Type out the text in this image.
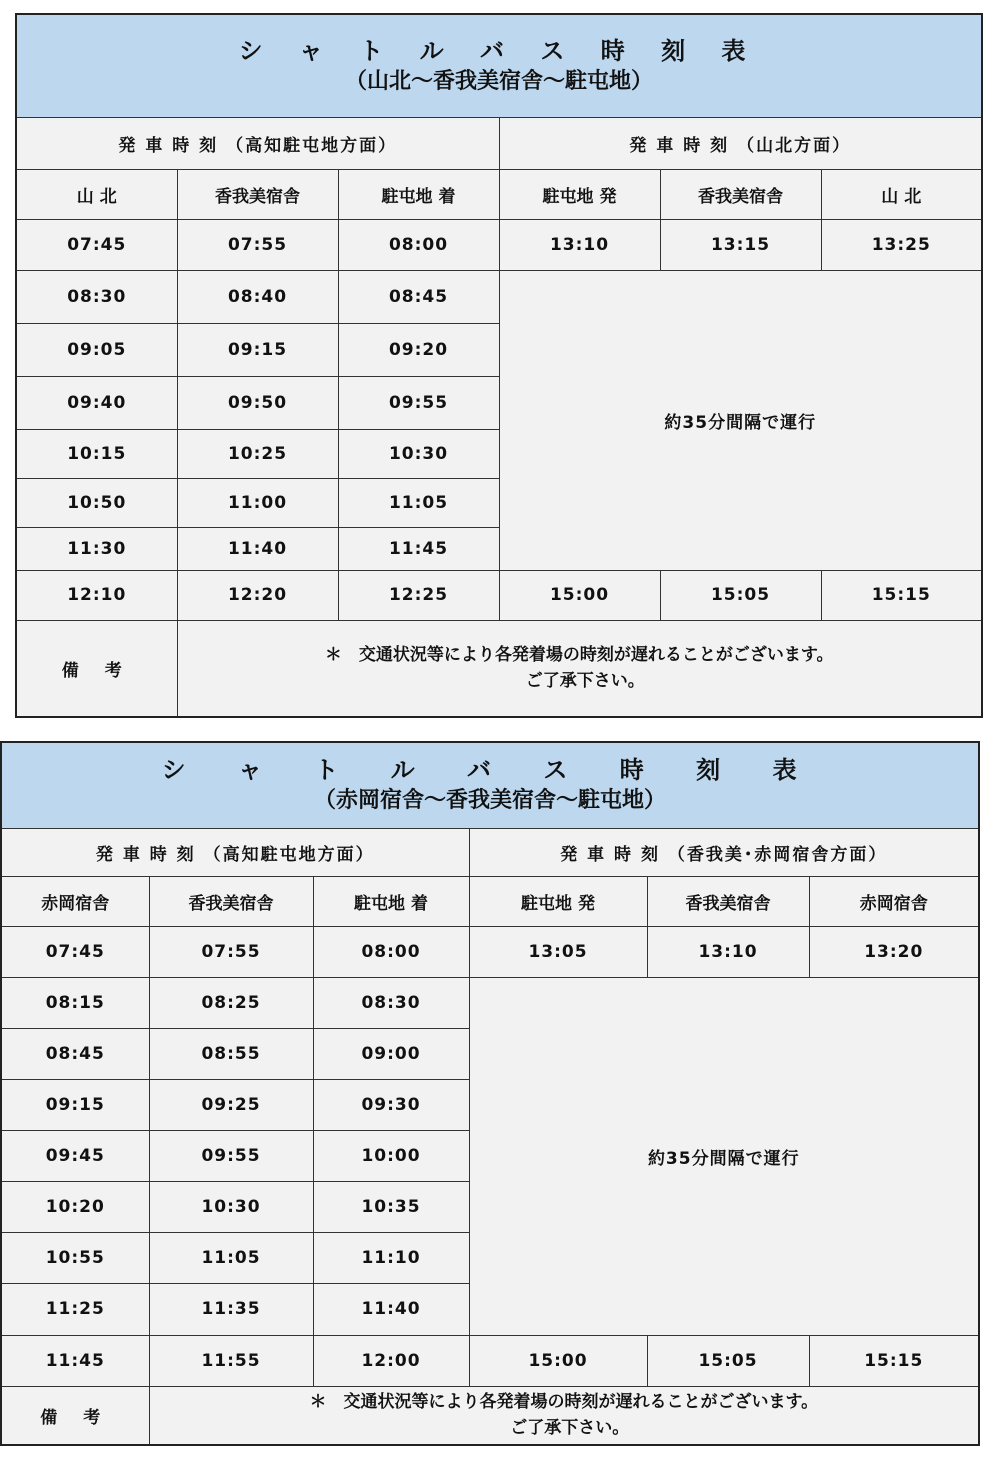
シ ャ ト ル バ ス 時 刻 表
（山北～香我美宿舎～駐屯地）					

発 車 時 刻 （高知駐屯地方面）			発 車 時 刻 （山北方面）		
山 北	香我美宿舎	駐屯地 着	駐屯地 発	香我美宿舎	山 北
07:45	07:55	08:00	13:10	13:15	13:25
08:30	08:40	08:45	約35分間隔で運行		
09:05	09:15	09:20			
09:40	09:50	09:55			
10:15	10:25	10:30			
10:50	11:00	11:05			
11:30	11:40	11:45			
12:10	12:20	12:25	15:00	15:05	15:15
備 考	＊　交通状況等により各発着場の時刻が遅れることがございます。
ご了承下さい。				
シ ャ ト ル バ ス 時 刻 表
（赤岡宿舎～香我美宿舎～駐屯地）					

発 車 時 刻 （高知駐屯地方面）			発 車 時 刻 （香我美･赤岡宿舎方面）		
赤岡宿舎	香我美宿舎	駐屯地 着	駐屯地 発	香我美宿舎	赤岡宿舎
07:45	07:55	08:00	13:05	13:10	13:20
08:15	08:25	08:30	約35分間隔で運行		
08:45	08:55	09:00			
09:15	09:25	09:30			
09:45	09:55	10:00			
10:20	10:30	10:35			
10:55	11:05	11:10			
11:25	11:35	11:40			
11:45	11:55	12:00	15:00	15:05	15:15
備 考	＊　交通状況等により各発着場の時刻が遅れることがございます。
ご了承下さい。				
